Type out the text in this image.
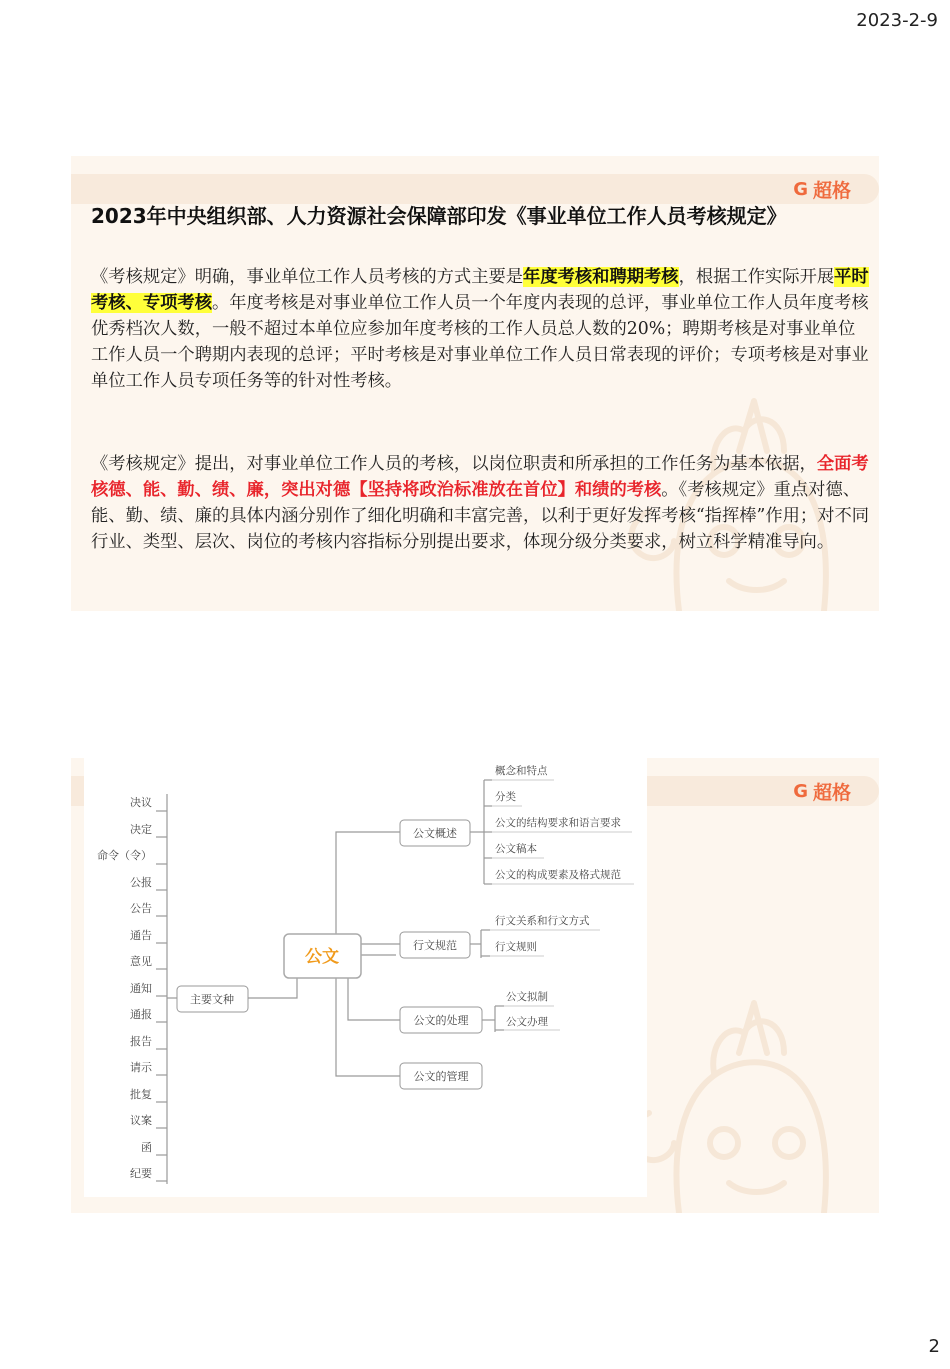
2023-2-9
G 超格
2023年中央组织部、人力资源社会保障部印发《事业单位工作人员考核规定》

《考核规定》明确，事业单位工作人员考核的方式主要是年度考核和聘期考核，根据工作实际开展平时考核、专项考核。年度考核是对事业单位工作人员一个年度内表现的总评，事业单位工作人员年度考核优秀档次人数，一般不超过本单位应参加年度考核的工作人员总人数的20%；聘期考核是对事业单位工作人员一个聘期内表现的总评；平时考核是对事业单位工作人员日常表现的评价；专项考核是对事业单位工作人员专项任务等的针对性考核。

《考核规定》提出，对事业单位工作人员的考核，以岗位职责和所承担的工作任务为基本依据，全面考核德、能、勤、绩、廉，突出对德【坚持将政治标准放在首位】和绩的考核。《考核规定》重点对德、能、勤、绩、廉的具体内涵分别作了细化明确和丰富完善，以利于更好发挥考核“指挥棒”作用；对不同行业、类型、层次、岗位的考核内容指标分别提出要求，体现分级分类要求，树立科学精准导向。

G 超格
决议
决定
命令（令）
公报
公告
通告
意见
通知
通报
报告
请示
批复
议案
函
纪要
主要文种
公文
公文概述
概念和特点
分类
公文的结构要求和语言要求
公文稿本
公文的构成要素及格式规范
行文规范
行文关系和行文方式
行文规则
公文的处理
公文拟制
公文办理
公文的管理
2
